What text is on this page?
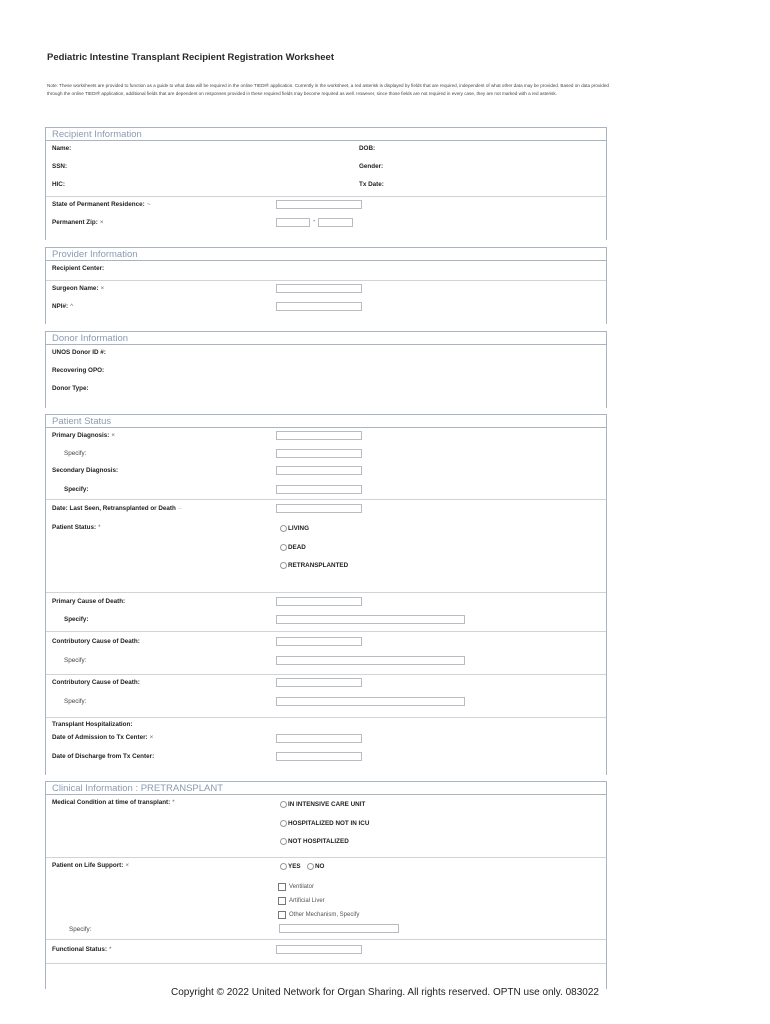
Pediatric Intestine Transplant Recipient Registration Worksheet
Note: These worksheets are provided to function as a guide to what data will be required in the online TIEDI® application. Currently in the worksheet, a red asterisk is displayed by fields that are required, independent of what other data may be provided. Based on data provided through the online TIEDI® application, additional fields that are dependent on responses provided in these required fields may become required as well. However, since those fields are not required in every case, they are not marked with a red asterisk.
Recipient Information
Name:	DOB:
SSN:	Gender:
HIC:	Tx Date:
State of Permanent Residence: ~
Permanent Zip: ×	-
Provider Information
Recipient Center:
Surgeon Name: ×
NPI#: ^
Donor Information
UNOS Donor ID #:
Recovering OPO:
Donor Type:
Patient Status
Primary Diagnosis: ×
Specify:
Secondary Diagnosis:
Specify:
Date: Last Seen, Retransplanted or Death ··
Patient Status: *	LIVING
DEAD
RETRANSPLANTED
Primary Cause of Death:
Specify:
Contributory Cause of Death:
Specify:
Contributory Cause of Death:
Specify:
Transplant Hospitalization:
Date of Admission to Tx Center: ×
Date of Discharge from Tx Center:
Clinical Information : PRETRANSPLANT
Medical Condition at time of transplant: *	IN INTENSIVE CARE UNIT
HOSPITALIZED NOT IN ICU
NOT HOSPITALIZED
Patient on Life Support: ×	YES NO
Ventilator
Artificial Liver
Other Mechanism, Specify
Specify:
Functional Status: *
Copyright © 2022 United Network for Organ Sharing. All rights reserved. OPTN use only. 083022
